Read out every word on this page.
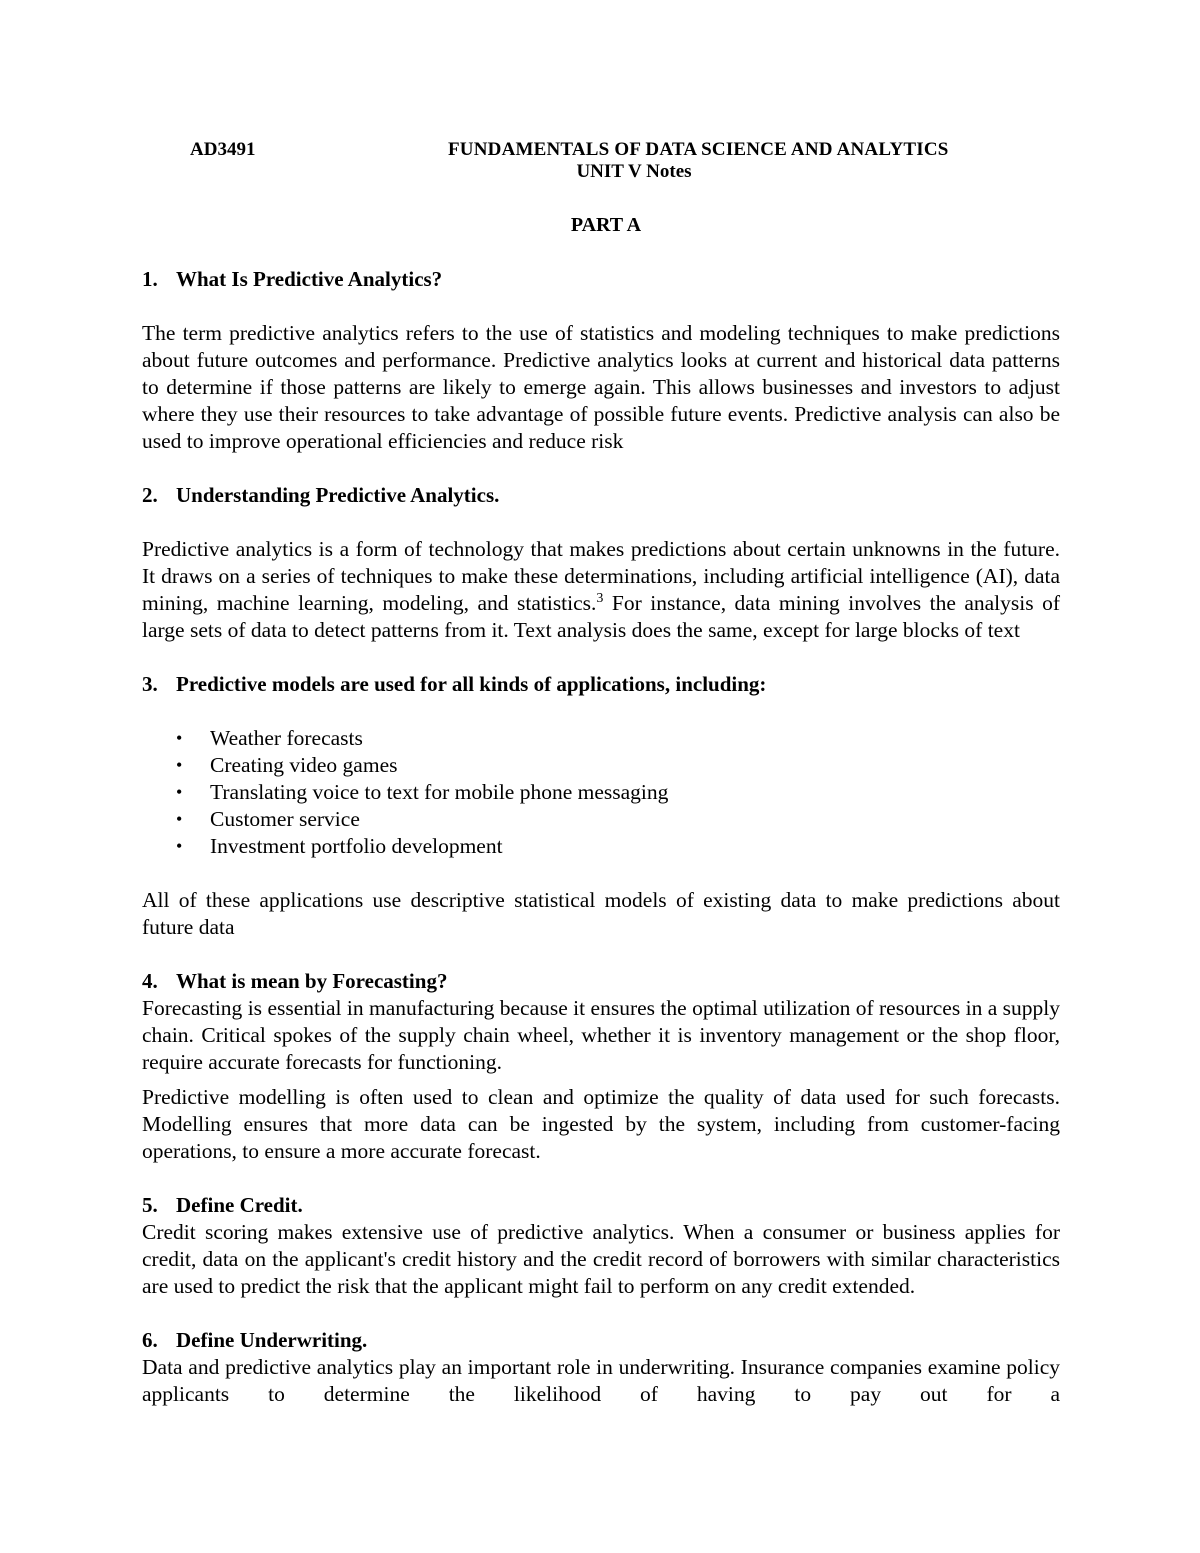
AD3491	FUNDAMENTALS OF DATA SCIENCE AND ANALYTICS
UNIT V Notes
PART A
1. What Is Predictive Analytics?

The term predictive analytics refers to the use of statistics and modeling techniques to make predictions about future outcomes and performance. Predictive analytics looks at current and historical data patterns to determine if those patterns are likely to emerge again. This allows businesses and investors to adjust where they use their resources to take advantage of possible future events. Predictive analysis can also be used to improve operational efficiencies and reduce risk

2. Understanding Predictive Analytics.

Predictive analytics is a form of technology that makes predictions about certain unknowns in the future. It draws on a series of techniques to make these determinations, including artificial intelligence (AI), data mining, machine learning, modeling, and statistics.$^3$ For instance, data mining involves the analysis of large sets of data to detect patterns from it. Text analysis does the same, except for large blocks of text

3. Predictive models are used for all kinds of applications, including:
• Weather forecasts
• Creating video games
• Translating voice to text for mobile phone messaging
• Customer service
• Investment portfolio development

All of these applications use descriptive statistical models of existing data to make predictions about future data

4. What is mean by Forecasting?

Forecasting is essential in manufacturing because it ensures the optimal utilization of resources in a supply chain. Critical spokes of the supply chain wheel, whether it is inventory management or the shop floor, require accurate forecasts for functioning.

Predictive modelling is often used to clean and optimize the quality of data used for such forecasts. Modelling ensures that more data can be ingested by the system, including from customer-facing operations, to ensure a more accurate forecast.

5. Define Credit.

Credit scoring makes extensive use of predictive analytics. When a consumer or business applies for credit, data on the applicant's credit history and the credit record of borrowers with similar characteristics are used to predict the risk that the applicant might fail to perform on any credit extended.

6. Define Underwriting.

Data and predictive analytics play an important role in underwriting. Insurance companies examine policy applicants to determine the likelihood of having to pay out for a
